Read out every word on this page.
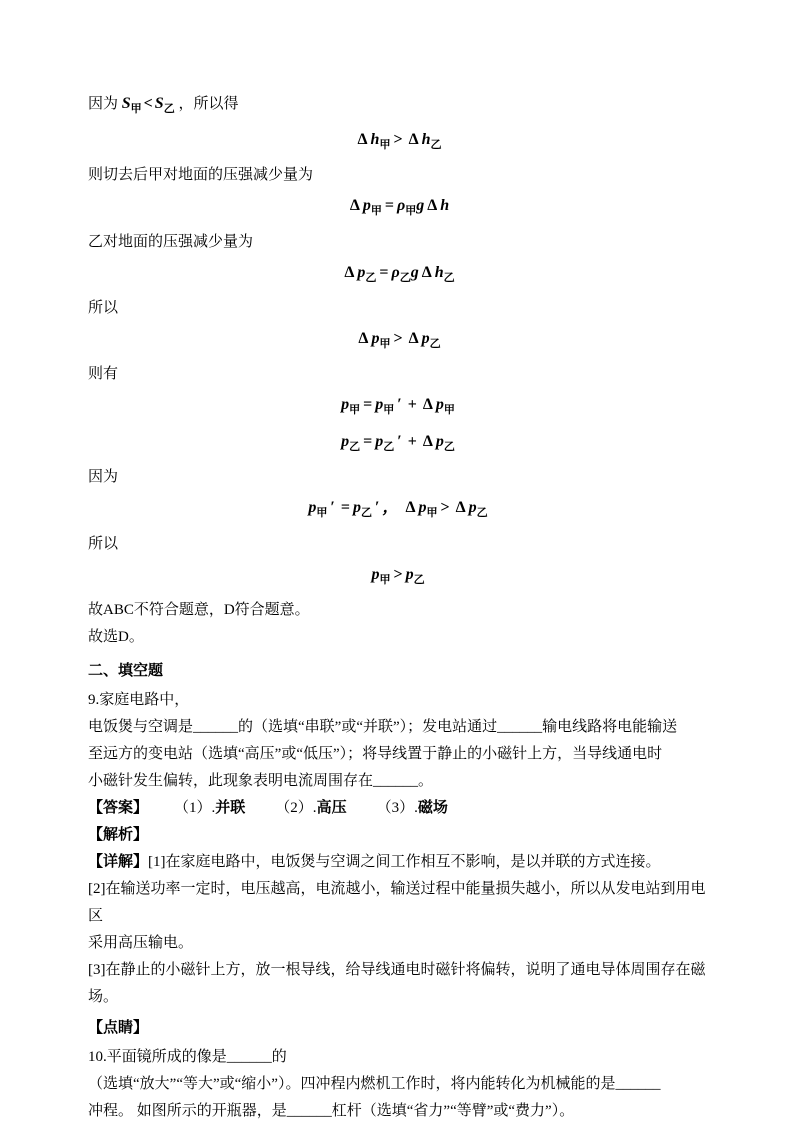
因为 $S_甲 < S_乙$ ，所以得

Δ $h_甲 > \Delta$ $h_乙$

则切去后甲对地面的压强减少量为

Δ $p_甲 = \rho_甲g$ Δ h

乙对地面的压强减少量为

Δ $p_乙 = \rho_乙g$ Δ $h_乙$

所以

Δ $p_甲 > \Delta$ $p_乙$

则有

$p_甲 = p_甲$ ′ + Δ $p_甲$

$p_乙 = p_乙$ ′ + Δ $p_乙$

因为

$p_甲$ ′ = $p_乙$ ′ ， Δ $p_甲 > \Delta$ $p_乙$

所以

$p_甲 > p_乙$

故ABC不符合题意，D符合题意。

故选D。

二、填空题

9.家庭电路中，

电饭煲与空调是______的（选填“串联”或“并联”）；发电站通过______输电线路将电能输送

至远方的变电站（选填“高压”或“低压”）；将导线置于静止的小磁针上方，当导线通电时

小磁针发生偏转，此现象表明电流周围存在______。

【答案】 （1）.并联 （2）.高压 （3）.磁场

【解析】

【详解】[1]在家庭电路中，电饭煲与空调之间工作相互不影响，是以并联的方式连接。

[2]在输送功率一定时，电压越高，电流越小，输送过程中能量损失越小，所以从发电站到用电区

采用高压输电。

[3]在静止的小磁针上方，放一根导线，给导线通电时磁针将偏转，说明了通电导体周围存在磁场。

【点睛】

10.平面镜所成的像是______的

（选填“放大”“等大”或“缩小”）。四冲程内燃机工作时，将内能转化为机械能的是______

冲程。 如图所示的开瓶器，是______杠杆（选填“省力”“等臂”或“费力”）。
